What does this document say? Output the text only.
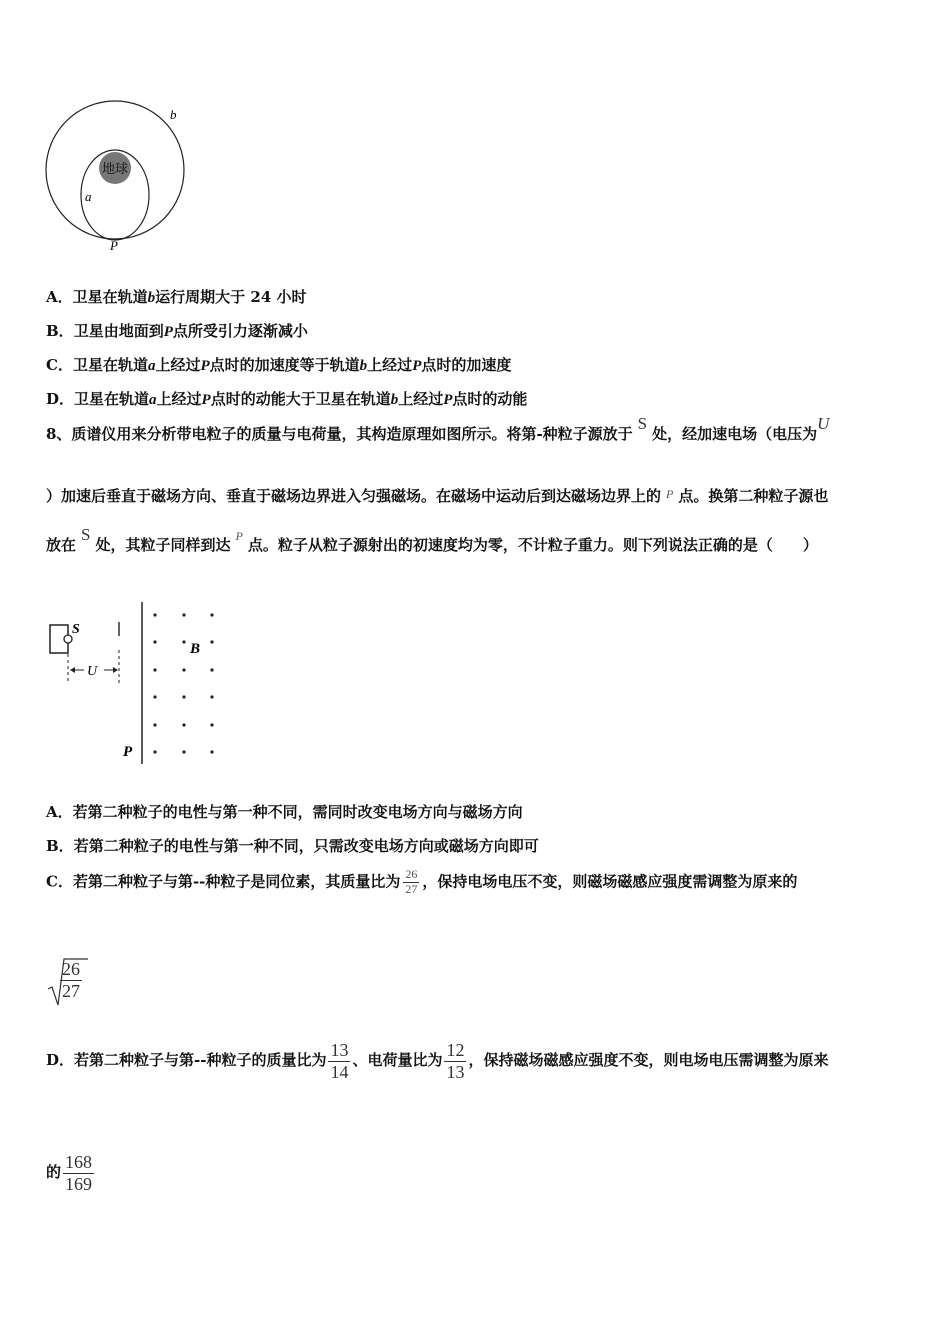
地球
b
a
P
A．卫星在轨道b运行周期大于 24 小时
B．卫星由地面到P点所受引力逐渐减小
C．卫星在轨道a上经过P点时的加速度等于轨道b上经过P点时的加速度
D．卫星在轨道a上经过P点时的动能大于卫星在轨道b上经过P点时的动能
8、质谱仪用来分析带电粒子的质量与电荷量，其构造原理如图所示。将第-种粒子源放于S处，经加速电场（电压为U
）加速后垂直于磁场方向、垂直于磁场边界进入匀强磁场。在磁场中运动后到达磁场边界上的 $^P$ 点。换第二种粒子源也
放在S处，其粒子同样到达 $^P$ 点。粒子从粒子源射出的初速度均为零，不计粒子重力。则下列说法正确的是（　　）
S
U
B
P
A．若第二种粒子的电性与第一种不同，需同时改变电场方向与磁场方向
B．若第二种粒子的电性与第一种不同，只需改变电场方向或磁场方向即可
C．若第二种粒子与第--种粒子是同位素，其质量比为 $\frac{26}{27}$ ，保持电场电压不变，则磁场磁感应强度需调整为原来的
$\frac{26}{27}$
D．若第二种粒子与第--种粒子的质量比为 $\frac{13}{14}$ 、电荷量比为 $\frac{12}{13}$ ，保持磁场磁感应强度不变，则电场电压需调整为原来
的 $\frac{168}{169}$
